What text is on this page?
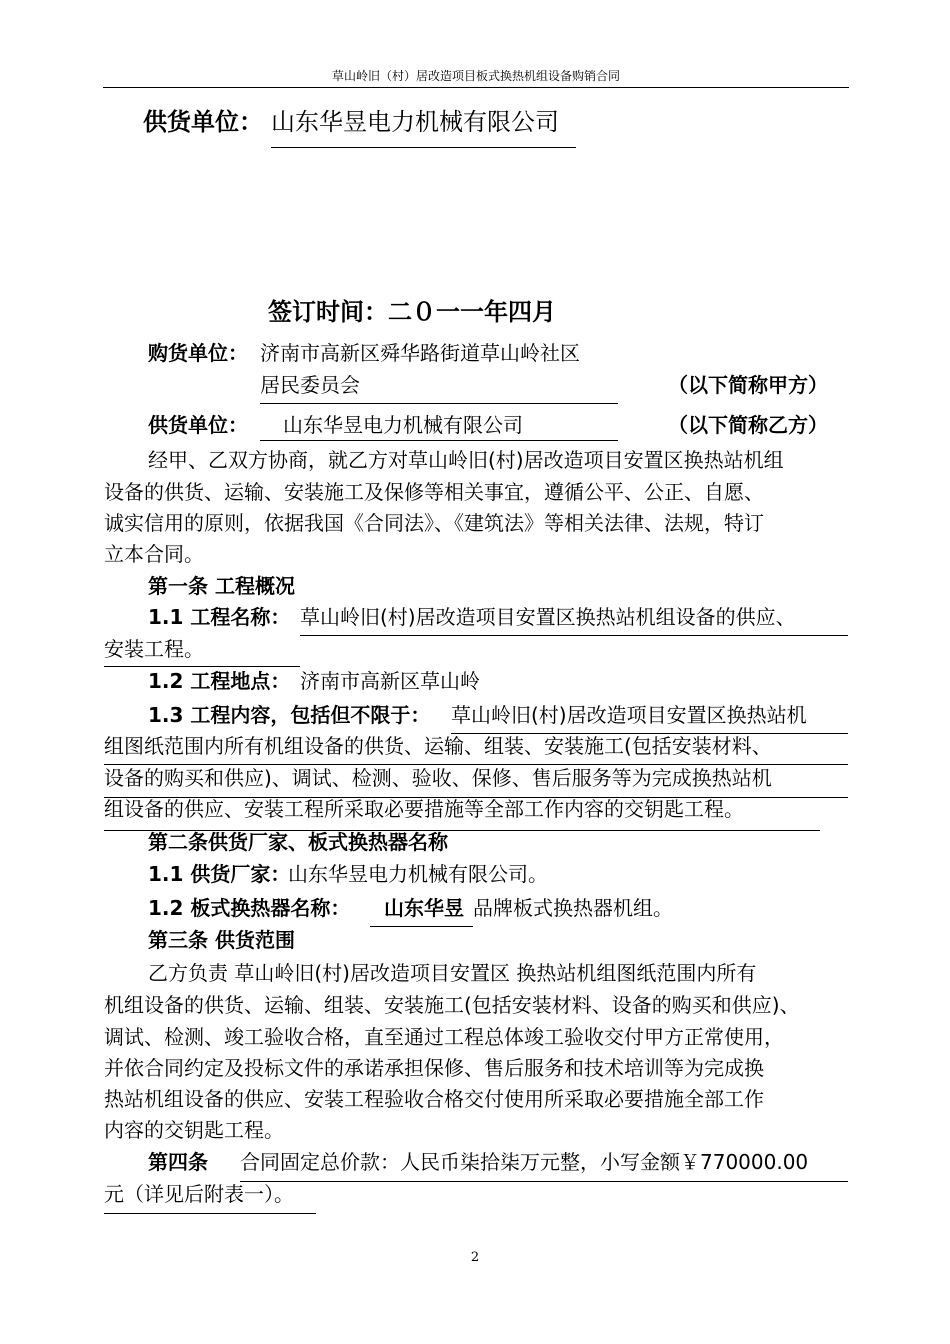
草山岭旧（村）居改造项目板式换热机组设备购销合同
供货单位： 山东华昱电力机械有限公司
签订时间：二０一一年四月
购货单位： 济南市高新区舜华路街道草山岭社区
居民委员会	（以下简称甲方）
供货单位： 山东华昱电力机械有限公司	（以下简称乙方）
经甲、乙双方协商，就乙方对草山岭旧(村)居改造项目安置区换热站机组
设备的供货、运输、安装施工及保修等相关事宜，遵循公平、公正、自愿、
诚实信用的原则，依据我国《合同法》、《建筑法》等相关法律、法规，特订
立本合同。
第一条 工程概况
1.1 工程名称： 草山岭旧(村)居改造项目安置区换热站机组设备的供应、
安装工程。
1.2 工程地点： 济南市高新区草山岭
1.3 工程内容，包括但不限于： 草山岭旧(村)居改造项目安置区换热站机
组图纸范围内所有机组设备的供货、运输、组装、安装施工(包括安装材料、
设备的购买和供应)、调试、检测、验收、保修、售后服务等为完成换热站机
组设备的供应、安装工程所采取必要措施等全部工作内容的交钥匙工程。
第二条供货厂家、板式换热器名称
1.1 供货厂家：
山东华昱电力机械有限公司。
1.2 板式换热器名称： 山东华昱 品牌板式换热器机组。
第三条 供货范围
乙方负责 草山岭旧(村)居改造项目安置区 换热站机组图纸范围内所有
机组设备的供货、运输、组装、安装施工(包括安装材料、设备的购买和供应)、
调试、检测、竣工验收合格，直至通过工程总体竣工验收交付甲方正常使用，
并依合同约定及投标文件的承诺承担保修、售后服务和技术培训等为完成换
热站机组设备的供应、安装工程验收合格交付使用所采取必要措施全部工作
内容的交钥匙工程。
第四条 合同固定总价款：人民币柒拾柒万元整，小写金额￥770000.00
元（详见后附表一）。
2
